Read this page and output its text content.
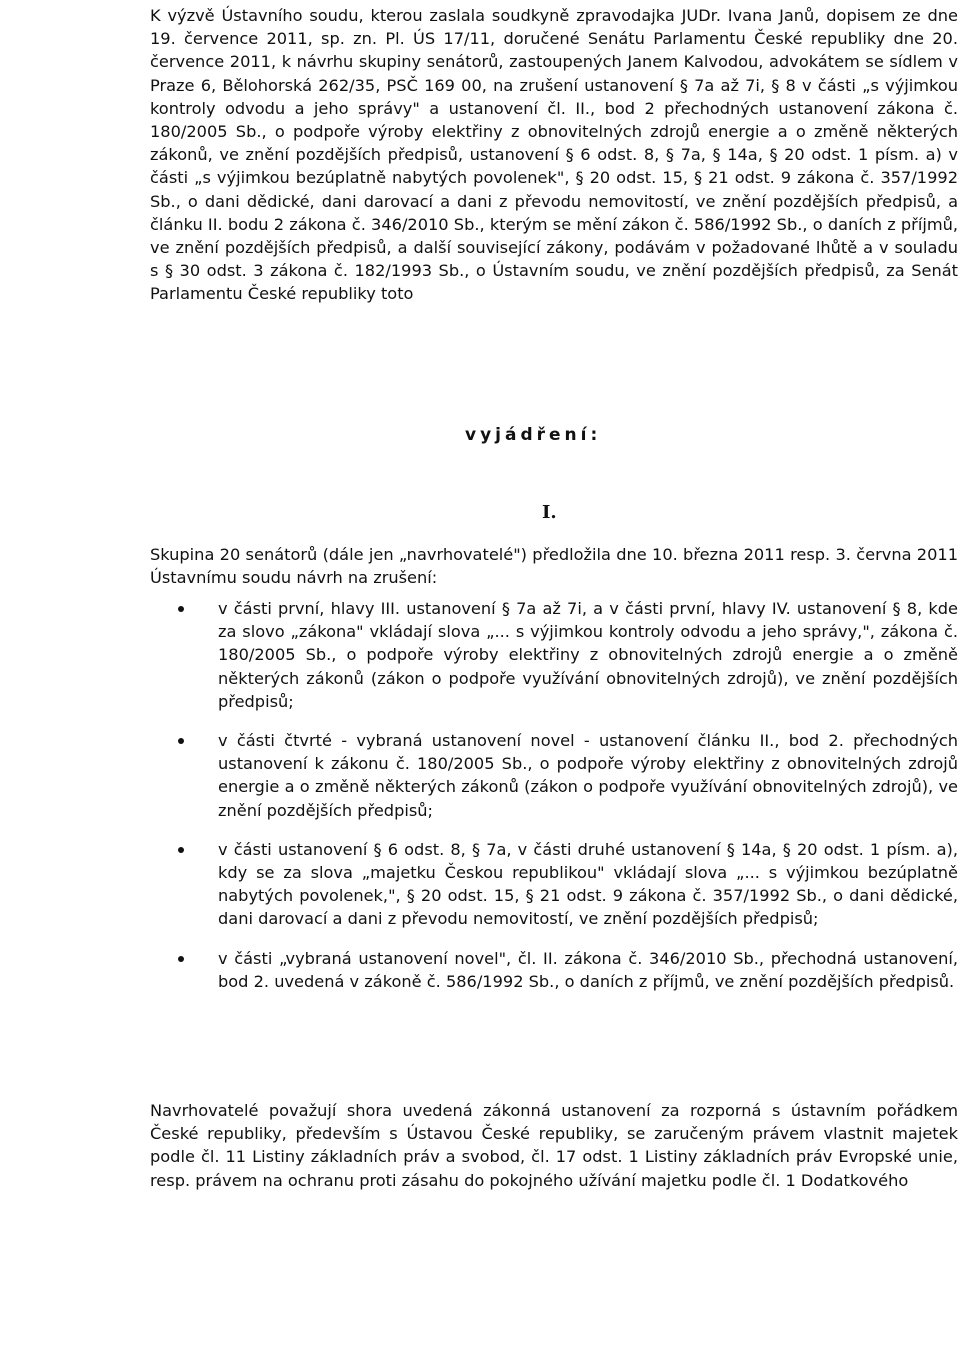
K výzvě Ústavního soudu, kterou zaslala soudkyně zpravodajka JUDr. Ivana Janů, dopisem ze dne 19. července 2011, sp. zn. Pl. ÚS 17/11, doručené Senátu Parlamentu České republiky dne 20. července 2011, k návrhu skupiny senátorů, zastoupených Janem Kalvodou, advokátem se sídlem v Praze 6, Bělohorská 262/35, PSČ 169 00, na zrušení ustanovení § 7a až 7i, § 8 v části „s výjimkou kontroly odvodu a jeho správy" a ustanovení čl. II., bod 2 přechodných ustanovení zákona č. 180/2005 Sb., o podpoře výroby elektřiny z obnovitelných zdrojů energie a o změně některých zákonů, ve znění pozdějších předpisů, ustanovení § 6 odst. 8, § 7a, § 14a, § 20 odst. 1 písm. a) v části „s výjimkou bezúplatně nabytých povolenek", § 20 odst. 15, § 21 odst. 9 zákona č. 357/1992 Sb., o dani dědické, dani darovací a dani z převodu nemovitostí, ve znění pozdějších předpisů, a článku II. bodu 2 zákona č. 346/2010 Sb., kterým se mění zákon č. 586/1992 Sb., o daních z příjmů, ve znění pozdějších předpisů, a další související zákony, podávám v požadované lhůtě a v souladu s § 30 odst. 3 zákona č. 182/1993 Sb., o Ústavním soudu, ve znění pozdějších předpisů, za Senát Parlamentu České republiky toto

vyjádření:

I.

Skupina 20 senátorů (dále jen „navrhovatelé") předložila dne 10. března 2011 resp. 3. června 2011 Ústavnímu soudu návrh na zrušení:

v části první, hlavy III. ustanovení § 7a až 7i, a v části první, hlavy IV. ustanovení § 8, kde za slovo „zákona" vkládají slova „... s výjimkou kontroly odvodu a jeho správy,", zákona č. 180/2005 Sb., o podpoře výroby elektřiny z obnovitelných zdrojů energie a o změně některých zákonů (zákon o podpoře využívání obnovitelných zdrojů), ve znění pozdějších předpisů;
v části čtvrté - vybraná ustanovení novel - ustanovení článku II., bod 2. přechodných ustanovení k zákonu č. 180/2005 Sb., o podpoře výroby elektřiny z obnovitelných zdrojů energie a o změně některých zákonů (zákon o podpoře využívání obnovitelných zdrojů), ve znění pozdějších předpisů;
v části ustanovení § 6 odst. 8, § 7a, v části druhé ustanovení § 14a, § 20 odst. 1 písm. a), kdy se za slova „majetku Českou republikou" vkládají slova „... s výjimkou bezúplatně nabytých povolenek,", § 20 odst. 15, § 21 odst. 9 zákona č. 357/1992 Sb., o dani dědické, dani darovací a dani z převodu nemovitostí, ve znění pozdějších předpisů;
v části „vybraná ustanovení novel", čl. II. zákona č. 346/2010 Sb., přechodná ustanovení, bod 2. uvedená v zákoně č. 586/1992 Sb., o daních z příjmů, ve znění pozdějších předpisů.

Navrhovatelé považují shora uvedená zákonná ustanovení za rozporná s ústavním pořádkem České republiky, především s Ústavou České republiky, se zaručeným právem vlastnit majetek podle čl. 11 Listiny základních práv a svobod, čl. 17 odst. 1 Listiny základních práv Evropské unie, resp. právem na ochranu proti zásahu do pokojného užívání majetku podle čl. 1 Dodatkového
